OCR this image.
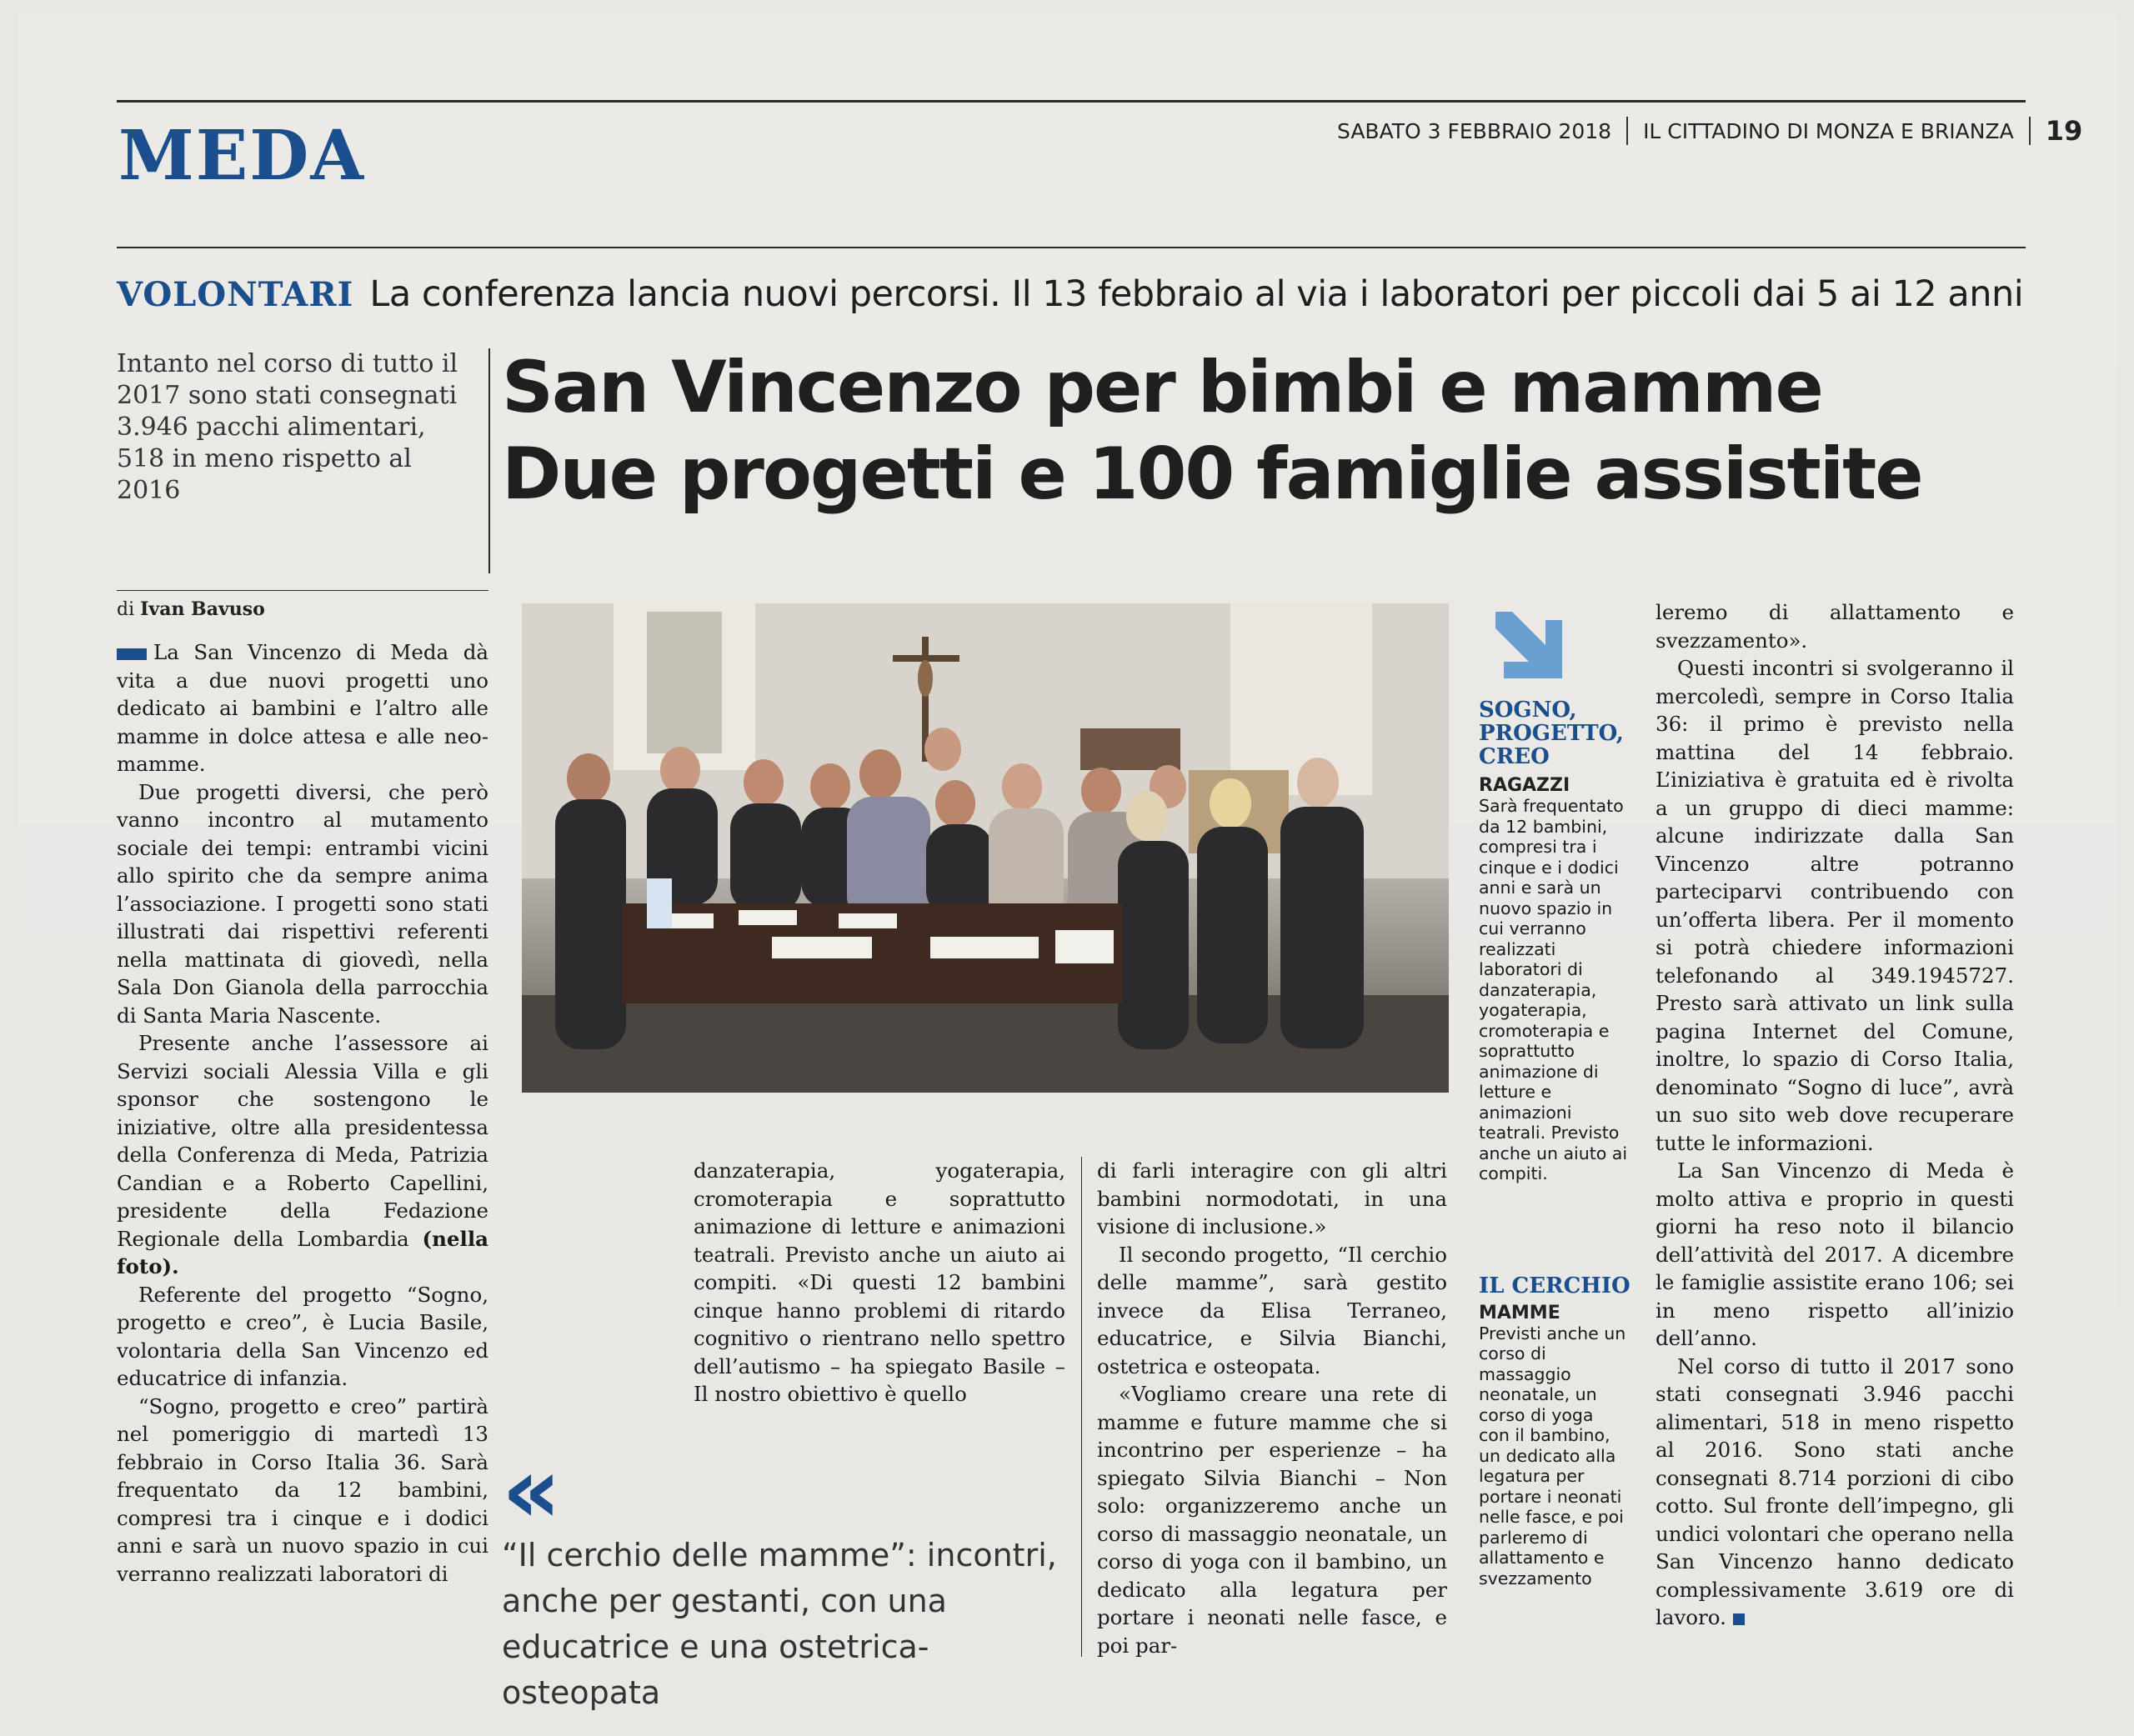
MEDA	SABATO 3 FEBBRAIO 2018 IL CITTADINO DI MONZA E BRIANZA 19
VOLONTARI La conferenza lancia nuovi percorsi. Il 13 febbraio al via i laboratori per piccoli dai 5 ai 12 anni
Intanto nel corso di tutto il 2017 sono stati consegnati 3.946 pacchi alimentari, 518 in meno rispetto al 2016
San Vincenzo per bimbi e mamme
Due progetti e 100 famiglie assistite
di Ivan Bavuso

La San Vincenzo di Meda dà vita a due nuovi progetti uno dedicato ai bambini e l’altro alle mamme in dolce attesa e alle neo-mamme.

Due progetti diversi, che però vanno incontro al mutamento sociale dei tempi: entrambi vicini allo spirito che da sempre anima l’associazione. I progetti sono stati illustrati dai rispettivi referenti nella mattinata di giovedì, nella Sala Don Gianola della parrocchia di Santa Maria Nascente.

Presente anche l’assessore ai Servizi sociali Alessia Villa e gli sponsor che sostengono le iniziative, oltre alla presidentessa della Conferenza di Meda, Patrizia Candian e a Roberto Capellini, presidente della Fedazione Regionale della Lombardia (nella foto).

Referente del progetto “Sogno, progetto e creo”, è Lucia Basile, volontaria della San Vincenzo ed educatrice di infanzia.

“Sogno, progetto e creo” partirà nel pomeriggio di martedì 13 febbraio in Corso Italia 36. Sarà frequentato da 12 bambini, compresi tra i cinque e i dodici anni e sarà un nuovo spazio in cui verranno realizzati laboratori di

danzaterapia, yogaterapia, cromoterapia e soprattutto animazione di letture e animazioni teatrali. Previsto anche un aiuto ai compiti. «Di questi 12 bambini cinque hanno problemi di ritardo cognitivo o rientrano nello spettro dell’autismo – ha spiegato Basile – Il nostro obiettivo è quello

«
“Il cerchio delle mamme”: incontri, anche per gestanti, con una educatrice e una ostetrica-osteopata

di farli interagire con gli altri bambini normodotati, in una visione di inclusione.»

Il secondo progetto, “Il cerchio delle mamme”, sarà gestito invece da Elisa Terraneo, educatrice, e Silvia Bianchi, ostetrica e osteopata.

«Vogliamo creare una rete di mamme e future mamme che si incontrino per esperienze – ha spiegato Silvia Bianchi – Non solo: organizzeremo anche un corso di massaggio neonatale, un corso di yoga con il bambino, un dedicato alla legatura per portare i neonati nelle fasce, e poi par-

SOGNO, PROGETTO, CREO
RAGAZZI
Sarà frequentato da 12 bambini, compresi tra i cinque e i dodici anni e sarà un nuovo spazio in cui verranno realizzati laboratori di danzaterapia, yogaterapia, cromoterapia e soprattutto animazione di letture e animazioni teatrali. Previsto anche un aiuto ai compiti.
IL CERCHIO
MAMME
Previsti anche un corso di massaggio neonatale, un corso di yoga con il bambino, un dedicato alla legatura per portare i neonati nelle fasce, e poi parleremo di allattamento e svezzamento

leremo di allattamento e svezzamento».

Questi incontri si svolgeranno il mercoledì, sempre in Corso Italia 36: il primo è previsto nella mattina del 14 febbraio. L’iniziativa è gratuita ed è rivolta a un gruppo di dieci mamme: alcune indirizzate dalla San Vincenzo altre potranno parteciparvi contribuendo con un’offerta libera. Per il momento si potrà chiedere informazioni telefonando al 349.1945727. Presto sarà attivato un link sulla pagina Internet del Comune, inoltre, lo spazio di Corso Italia, denominato “Sogno di luce”, avrà un suo sito web dove recuperare tutte le informazioni.

La San Vincenzo di Meda è molto attiva e proprio in questi giorni ha reso noto il bilancio dell’attività del 2017. A dicembre le famiglie assistite erano 106; sei in meno rispetto all’inizio dell’anno.

Nel corso di tutto il 2017 sono stati consegnati 3.946 pacchi alimentari, 518 in meno rispetto al 2016. Sono stati anche consegnati 8.714 porzioni di cibo cotto. Sul fronte dell’impegno, gli undici volontari che operano nella San Vincenzo hanno dedicato complessivamente 3.619 ore di lavoro.
